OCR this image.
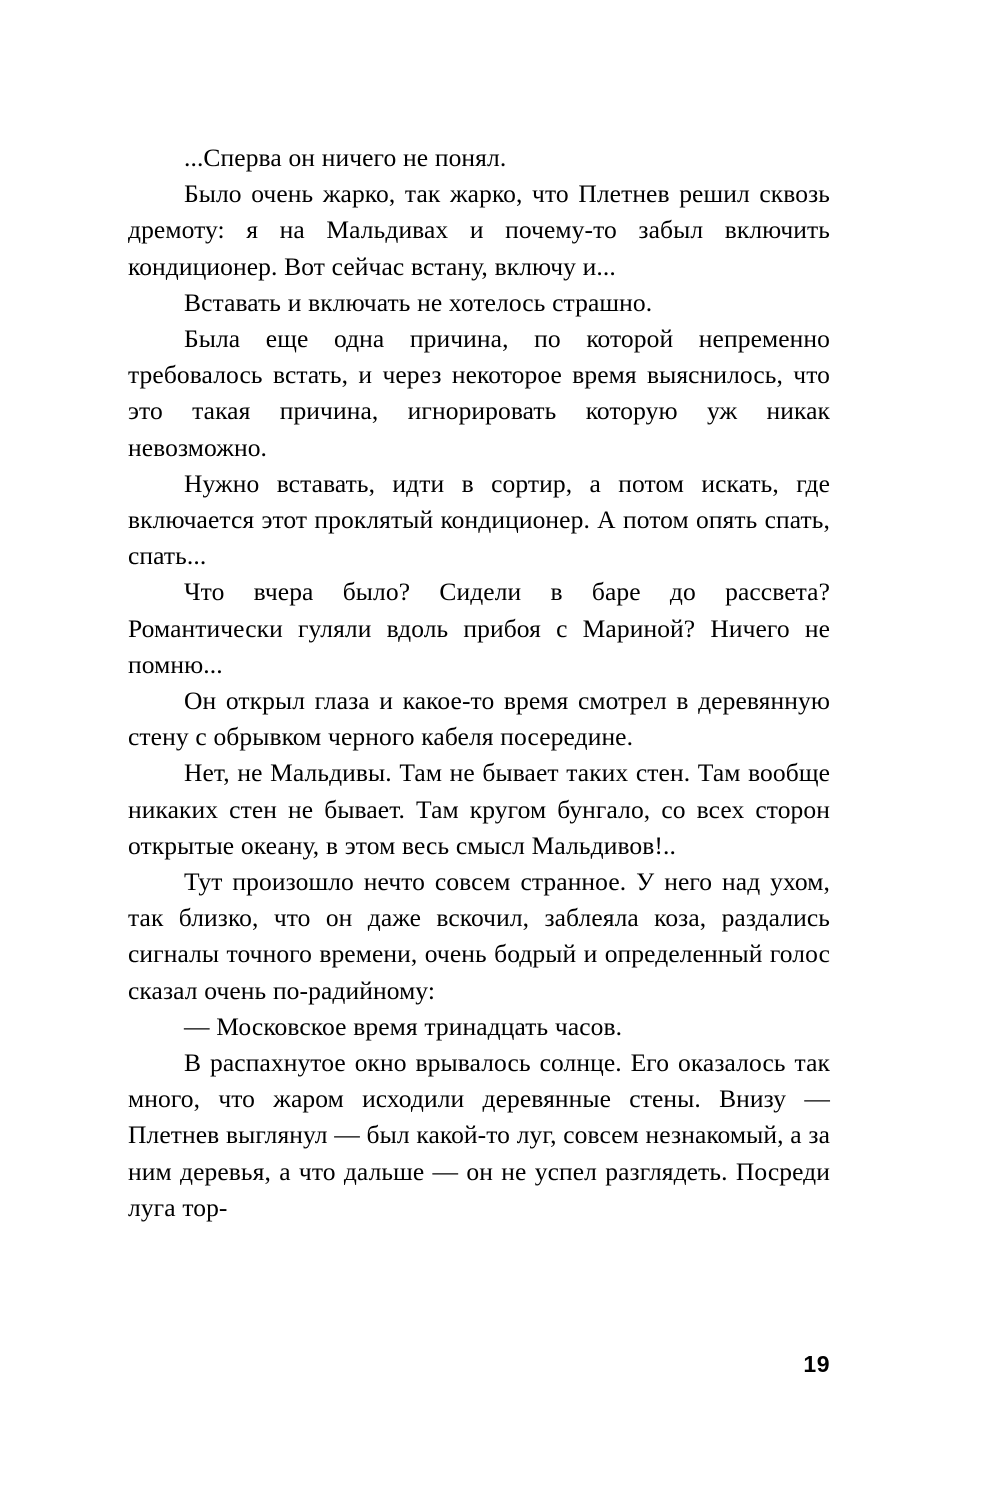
...Сперва он ничего не понял.

Было очень жарко, так жарко, что Плетнев решил сквозь дремоту: я на Мальдивах и почему-то забыл включить кондиционер. Вот сейчас встану, включу и...

Вставать и включать не хотелось страшно.

Была еще одна причина, по которой непременно требовалось встать, и через некоторое время выяснилось, что это такая причина, игнорировать которую уж никак невозможно.

Нужно вставать, идти в сортир, а потом искать, где включается этот проклятый кондиционер. А потом опять спать, спать...

Что вчера было? Сидели в баре до рассвета? Романтически гуляли вдоль прибоя с Мариной? Ничего не помню...

Он открыл глаза и какое-то время смотрел в деревянную стену с обрывком черного кабеля посередине.

Нет, не Мальдивы. Там не бывает таких стен. Там вообще никаких стен не бывает. Там кругом бунгало, со всех сторон открытые океану, в этом весь смысл Мальдивов!..

Тут произошло нечто совсем странное. У него над ухом, так близко, что он даже вскочил, заблеяла коза, раздались сигналы точного времени, очень бодрый и определенный голос сказал очень по-радийному:

— Московское время тринадцать часов.

В распахнутое окно врывалось солнце. Его оказалось так много, что жаром исходили деревянные стены. Внизу — Плетнев выглянул — был какой-то луг, совсем незнакомый, а за ним деревья, а что дальше — он не успел разглядеть. Посреди луга тор-

19
